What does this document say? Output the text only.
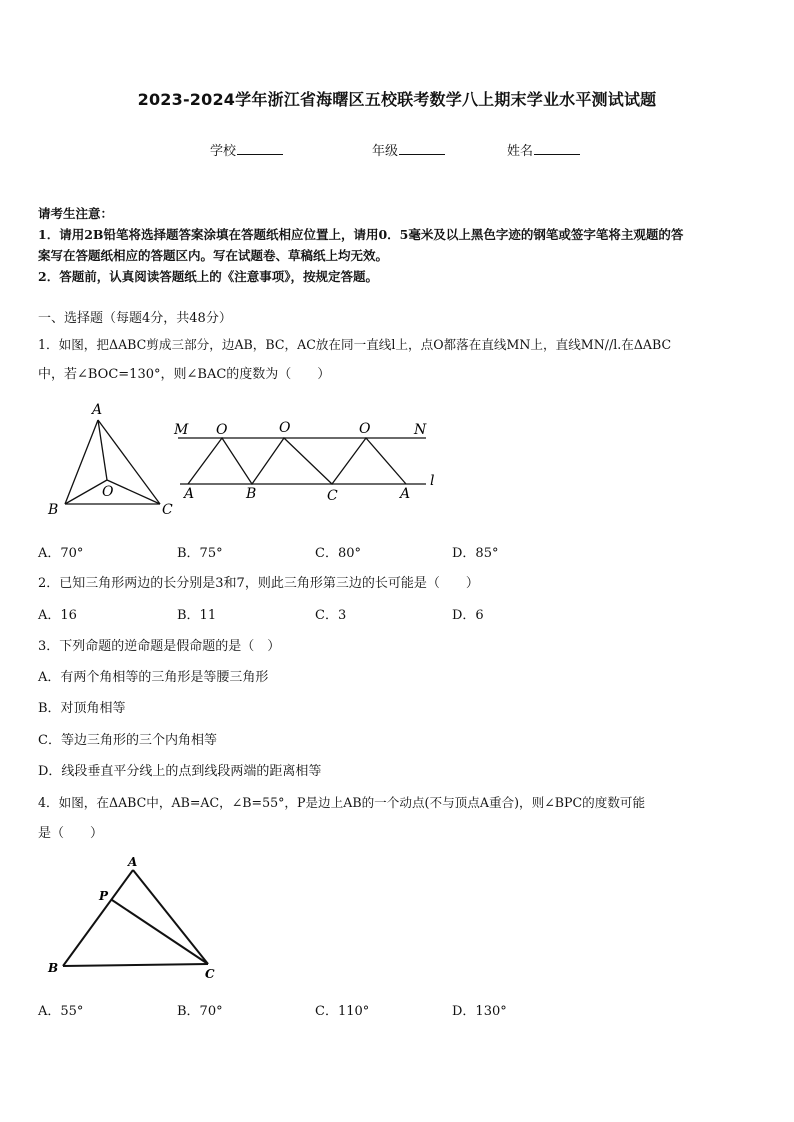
2023-2024学年浙江省海曙区五校联考数学八上期末学业水平测试试题
学校	年级	姓名
请考生注意：
1．请用2B铅笔将选择题答案涂填在答题纸相应位置上，请用0．5毫米及以上黑色字迹的钢笔或签字笔将主观题的答
案写在答题纸相应的答题区内。写在试题卷、草稿纸上均无效。
2．答题前，认真阅读答题纸上的《注意事项》，按规定答题。
一、选择题（每题4分，共48分）
1．如图，把ΔABC剪成三部分，边AB，BC，AC放在同一直线l上，点O都落在直线MN上，直线MN//l.在ΔABC
中，若∠BOC=130°，则∠BAC的度数为（　　）
A
B	C
O
M	N
O	O	O
A	B	C	A
l
A．70°	B．75°	C．80°	D．85°
2．已知三角形两边的长分别是3和7，则此三角形第三边的长可能是（　　）
A．16	B．11	C．3	D．6
3．下列命题的逆命题是假命题的是（　）
A．有两个角相等的三角形是等腰三角形
B．对顶角相等
C．等边三角形的三个内角相等
D．线段垂直平分线上的点到线段两端的距离相等
4．如图，在ΔABC中，AB=AC，∠B=55°，P是边上AB的一个动点(不与顶点A重合)，则∠BPC的度数可能
是（　　）
A
P
B	C
A．55°	B．70°	C．110°	D．130°
